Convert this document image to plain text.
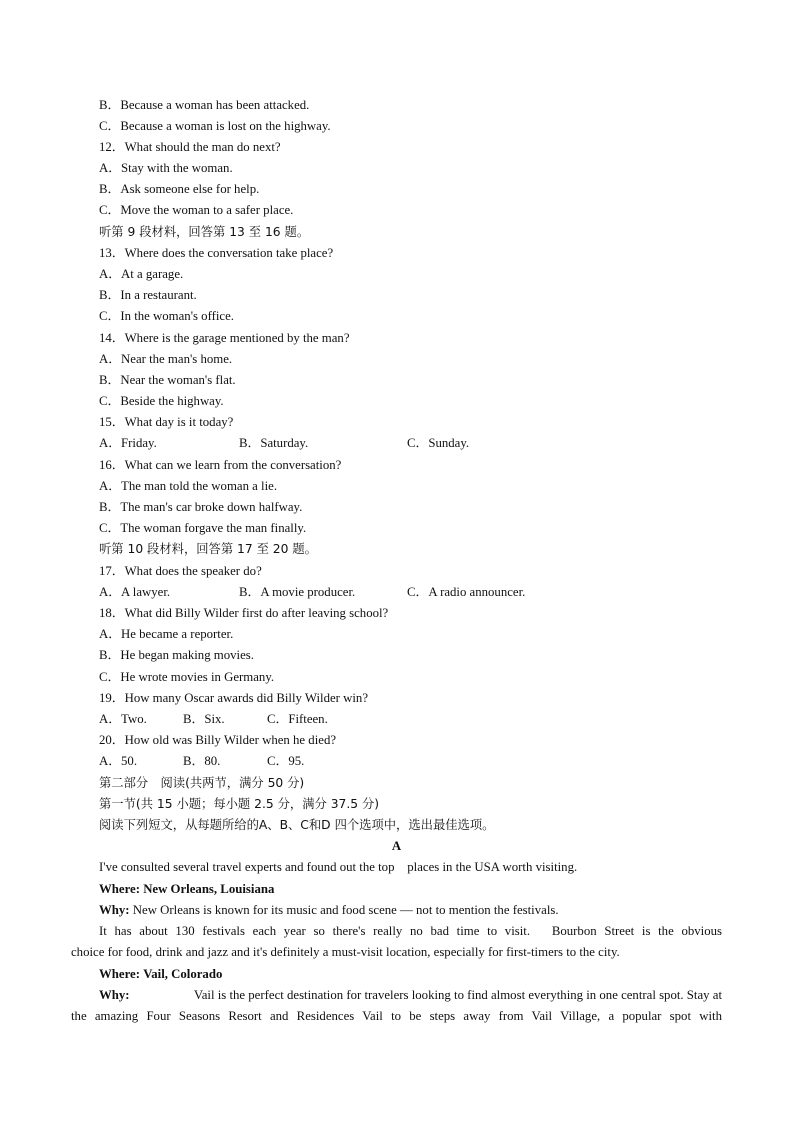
B．Because a woman has been attacked.
C．Because a woman is lost on the highway.
12．What should the man do next?
A．Stay with the woman.
B．Ask someone else for help.
C．Move the woman to a safer place.
听第 9 段材料，回答第 13 至 16 题。
13．Where does the conversation take place?
A．At a garage.
B．In a restaurant.
C．In the woman's office.
14．Where is the garage mentioned by the man?
A．Near the man's home.
B．Near the woman's flat.
C．Beside the highway.
15．What day is it today?
A．Friday.	B．Saturday.	C．Sunday.
16．What can we learn from the conversation?
A．The man told the woman a lie.
B．The man's car broke down halfway.
C．The woman forgave the man finally.
听第 10 段材料，回答第 17 至 20 题。
17．What does the speaker do?
A．A lawyer.	B．A movie producer.	C．A radio announcer.
18．What did Billy Wilder first do after leaving school?
A．He became a reporter.
B．He began making movies.
C．He wrote movies in Germany.
19．How many Oscar awards did Billy Wilder win?
A．Two.	B．Six.	C．Fifteen.
20．How old was Billy Wilder when he died?
A．50.	B．80.	C．95.
第二部分　阅读(共两节，满分 50 分)
第一节(共 15 小题；每小题 2.5 分，满分 37.5 分)
阅读下列短文，从每题所给的A、B、C和D 四个选项中，选出最佳选项。
A
I've consulted several travel experts and found out the top　places in the USA worth visiting.
Where: New Orleans, Louisiana
Why: New Orleans is known for its music and food scene — not to mention the festivals.
It has about 130 festivals each year so there's really no bad time to visit.　Bourbon Street is the obvious
choice for food, drink and jazz and it's definitely a must-visit location, especially for first-timers to the city.
Where: Vail, Colorado
Why:	Vail is the perfect destination for travelers looking to find almost everything in one central spot. Stay at
the amazing Four Seasons Resort and Residences Vail to be steps away from Vail Village, a popular spot with
